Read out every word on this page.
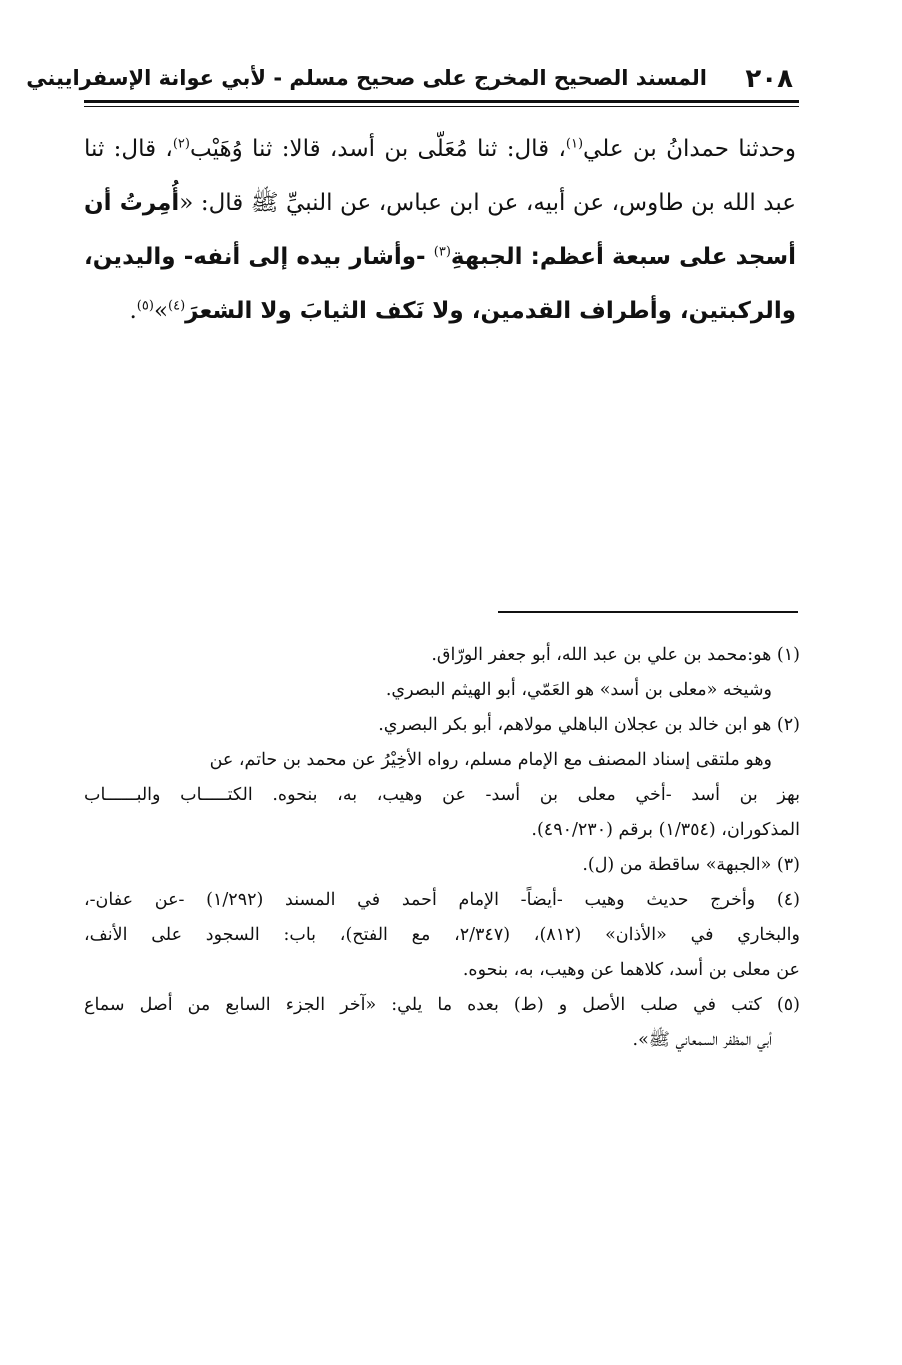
٢٠٨
المسند الصحيح المخرج على صحيح مسلم - لأبي عوانة الإسفراييني
وحدثنا حمدانُ بن علي$^{(١)}$، قال: ثنا مُعَلّى بن أسد، قالا: ثنا وُهَيْب$^{(٢)}$، قال: ثنا عبد الله بن طاوس، عن أبيه، عن ابن عباس، عن النبيِّ ﷺ قال: «أُمِرتُ أن أسجد على سبعة أعظم: الجبهةِ$^{(٣)}$ -وأشار بيده إلى أنفه- واليدين، والركبتين، وأطراف القدمين، ولا نَكف الثيابَ ولا الشعرَ$^{(٤)}$»$^{(٥)}$.
(١) هو:محمد بن علي بن عبد الله، أبو جعفر الورّاق.
وشيخه «معلى بن أسد» هو العَمّي، أبو الهيثم البصري.
(٢) هو ابن خالد بن عجلان الباهلي مولاهم، أبو بكر البصري.
وهو ملتقى إسناد المصنف مع الإمام مسلم، رواه الأخِيْرُ عن محمد بن حاتم، عن
بهز بن أسد -أخي معلى بن أسد- عن وهيب، به، بنحوه. الكتـــــاب والبــــــاب
المذكوران، (١/٣٥٤) برقم (٤٩٠/٢٣٠).
(٣) «الجبهة» ساقطة من (ل).
(٤) وأخرج حديث وهيب -أيضاً- الإمام أحمد في المسند (١/٢٩٢) -عن عفان-،
والبخاري في «الأذان» (٨١٢)، (٢/٣٤٧، مع الفتح)، باب: السجود على الأنف،
عن معلى بن أسد، كلاهما عن وهيب، به، بنحوه.
(٥) كتب في صلب الأصل و (ط) بعده ما يلي: «آخر الجزء السابع من أصل سماع
أبي المظفر السمعاني ﷺ».
